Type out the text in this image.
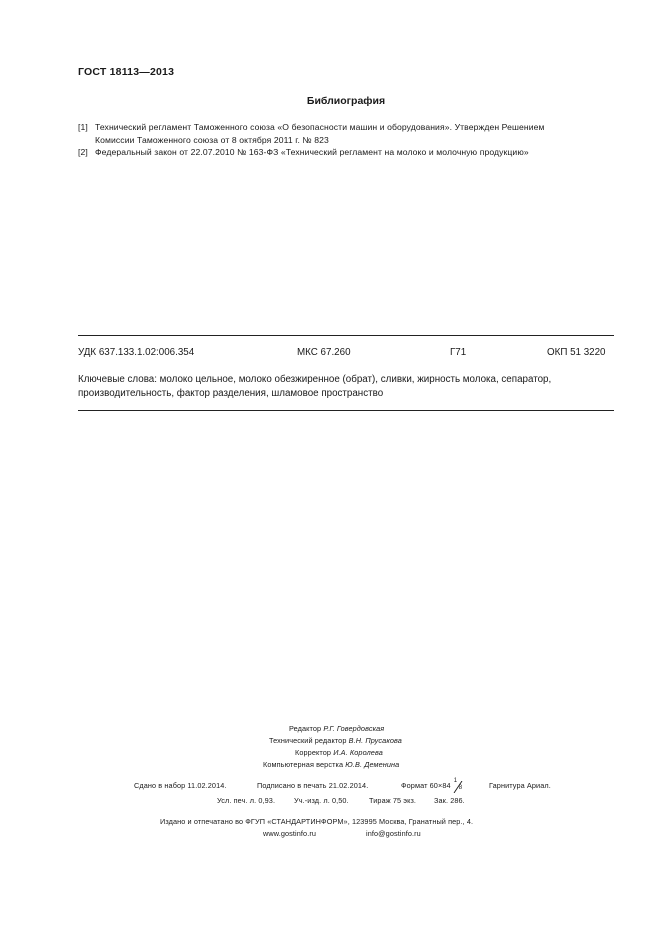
ГОСТ 18113—2013
Библиография
[1] Технический регламент Таможенного союза «О безопасности машин и оборудования». Утвержден Решением
Комиссии Таможенного союза от 8 октября 2011 г. № 823
[2] Федеральный закон от 22.07.2010 № 163-ФЗ «Технический регламент на молоко и молочную продукцию»
УДК 637.133.1.02:006.354	МКС 67.260	Г71	ОКП 51 3220
Ключевые слова: молоко цельное, молоко обезжиренное (обрат), сливки, жирность молока, сепаратор,
производительность, фактор разделения, шламовое пространство
Редактор Р.Г. Говердовская
Технический редактор В.Н. Прусакова
Корректор И.А. Королева
Компьютерная верстка Ю.В. Деменина
Сдано в набор 11.02.2014.	Подписано в печать 21.02.2014.	Формат 60×84 1
8	Гарнитура Ариал.
Усл. печ. л. 0,93.	Уч.-изд. л. 0,50.	Тираж 75 экз. Зак. 286.
Издано и отпечатано во ФГУП «СТАНДАРТИНФОРМ», 123995 Москва, Гранатный пер., 4.
www.gostinfo.ru	info@gostinfo.ru
